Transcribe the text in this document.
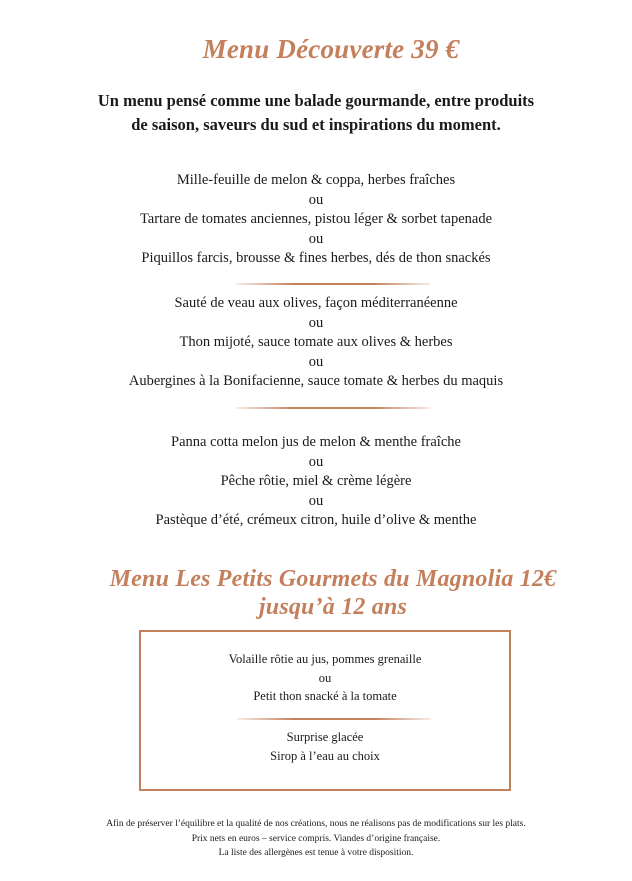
Menu Découverte 39 €
Un menu pensé comme une balade gourmande, entre produits
de saison, saveurs du sud et inspirations du moment.
Mille-feuille de melon & coppa, herbes fraîches
ou
Tartare de tomates anciennes, pistou léger & sorbet tapenade
ou
Piquillos farcis, brousse & fines herbes, dés de thon snackés
Sauté de veau aux olives, façon méditerranéenne
ou
Thon mijoté, sauce tomate aux olives & herbes
ou
Aubergines à la Bonifacienne, sauce tomate & herbes du maquis
Panna cotta melon jus de melon & menthe fraîche
ou
Pêche rôtie, miel & crème légère
ou
Pastèque d’été, crémeux citron, huile d’olive & menthe
Menu Les Petits Gourmets du Magnolia 12€
jusqu’à 12 ans
Volaille rôtie au jus, pommes grenaille
ou
Petit thon snacké à la tomate
Surprise glacée
Sirop à l’eau au choix
Afin de préserver l’équilibre et la qualité de nos créations, nous ne réalisons pas de modifications sur les plats.
Prix nets en euros – service compris. Viandes d’origine française.
La liste des allergènes est tenue à votre disposition.
